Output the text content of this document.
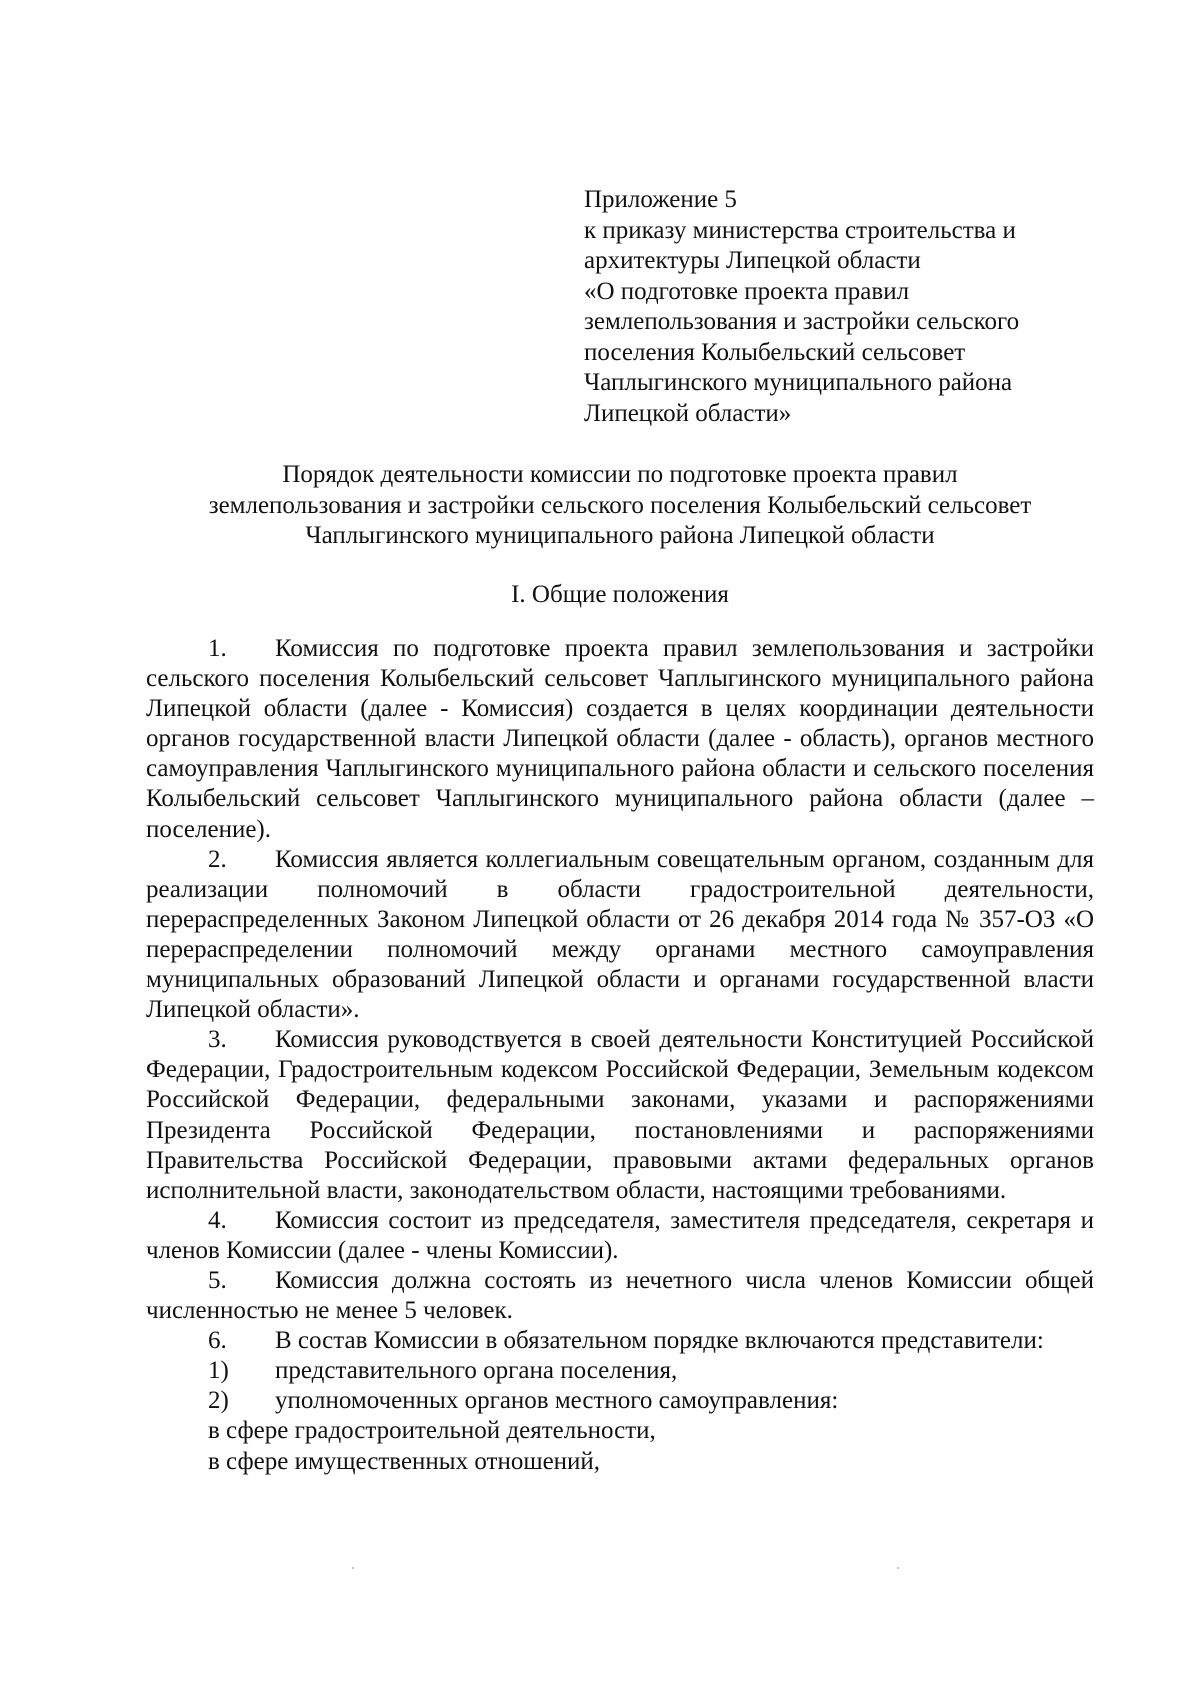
Приложение 5
к приказу министерства строительства и
архитектуры Липецкой области
«О подготовке проекта правил
землепользования и застройки сельского
поселения Колыбельский сельсовет
Чаплыгинского муниципального района
Липецкой области»
Порядок деятельности комиссии по подготовке проекта правил
землепользования и застройки сельского поселения Колыбельский сельсовет
Чаплыгинского муниципального района Липецкой области
I. Общие положения

1. Комиссия по подготовке проекта правил землепользования и застройки сельского поселения Колыбельский сельсовет Чаплыгинского муниципального района Липецкой области (далее - Комиссия) создается в целях координации деятельности органов государственной власти Липецкой области (далее - область), органов местного самоуправления Чаплыгинского муниципального района области и сельского поселения Колыбельский сельсовет Чаплыгинского муниципального района области (далее – поселение).

2. Комиссия является коллегиальным совещательным органом, созданным для реализации полномочий в области градостроительной деятельности, перераспределенных Законом Липецкой области от 26 декабря 2014 года № 357-ОЗ «О перераспределении полномочий между органами местного самоуправления муниципальных образований Липецкой области и органами государственной власти Липецкой области».

3. Комиссия руководствуется в своей деятельности Конституцией Российской Федерации, Градостроительным кодексом Российской Федерации, Земельным кодексом Российской Федерации, федеральными законами, указами и распоряжениями Президента Российской Федерации, постановлениями и распоряжениями Правительства Российской Федерации, правовыми актами федеральных органов исполнительной власти, законодательством области, настоящими требованиями.

4. Комиссия состоит из председателя, заместителя председателя, секретаря и членов Комиссии (далее - члены Комиссии).

5. Комиссия должна состоять из нечетного числа членов Комиссии общей численностью не менее 5 человек.

6. В состав Комиссии в обязательном порядке включаются представители:

1) представительного органа поселения,

2) уполномоченных органов местного самоуправления:

в сфере градостроительной деятельности,

в сфере имущественных отношений,
